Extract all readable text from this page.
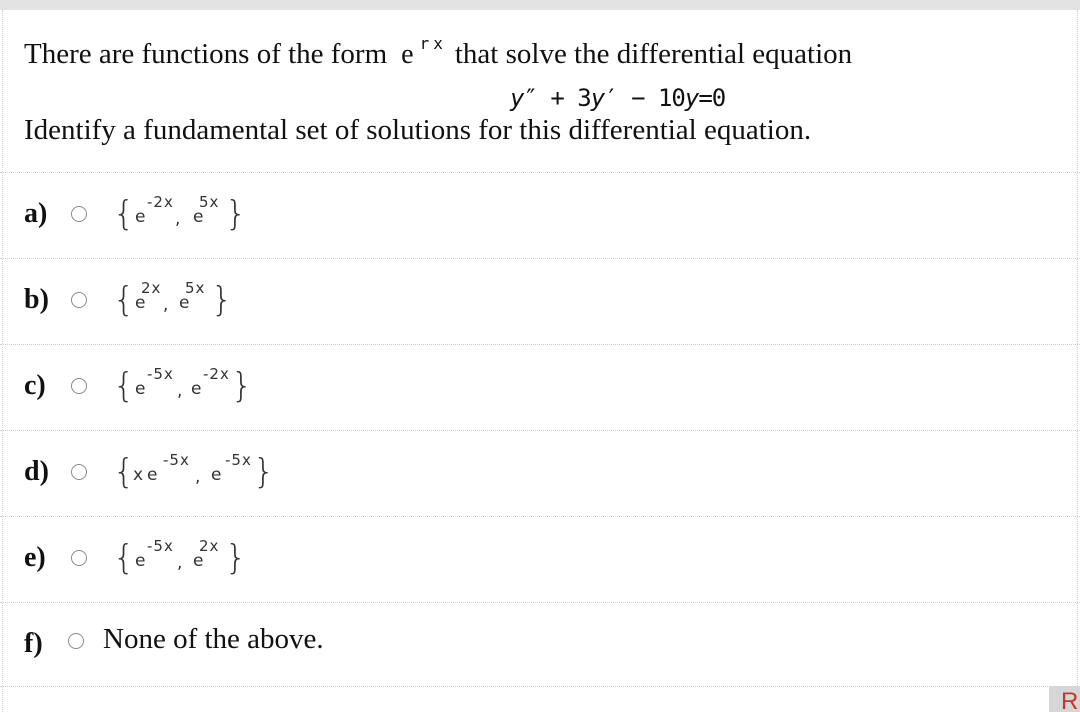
There are functions of the form e $^{rx}$ that solve the differential equation
y″ + 3y′ − 10y=0
Identify a fundamental set of solutions for this differential equation.
a) { e
-2x
, e
5x }
b) { e
2x
, e
5x }
c) { e
-5x
, e
-2x }
d) {
x e
-5x
, e
-5x }
e) { e
-5x
, e
2x }
f) None of the above.
R
